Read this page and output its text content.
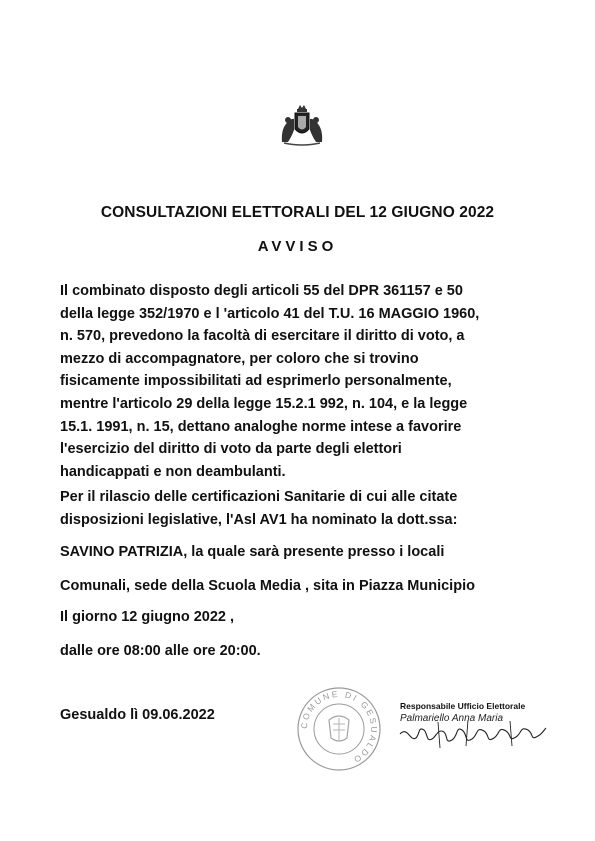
CONSULTAZIONI ELETTORALI DEL 12 GIUGNO 2022
AVVISO

Il combinato disposto degli articoli 55 del DPR 361157 e 50
della legge 352/1970 e l 'articolo 41 del T.U. 16 MAGGIO 1960,
n. 570, prevedono la facoltà di esercitare il diritto di voto, a
mezzo di accompagnatore, per coloro che si trovino
fisicamente impossibilitati ad esprimerlo personalmente,
mentre l'articolo 29 della legge 15.2.1 992, n. 104, e la legge
15.1. 1991, n. 15, dettano analoghe norme intese a favorire
l'esercizio del diritto di voto da parte degli elettori
handicappati e non deambulanti.

Per il rilascio delle certificazioni Sanitarie di cui alle citate
disposizioni legislative, l'Asl AV1 ha nominato la dott.ssa:

SAVINO PATRIZIA, la quale sarà presente presso i locali
Comunali, sede della Scuola Media , sita in Piazza Municipio
Il giorno 12 giugno 2022 ,
dalle ore 08:00 alle ore 20:00.
Gesualdo lì 09.06.2022
COMUNE DI GESUALDO
Responsabile Ufficio Elettorale
Palmariello Anna Maria
